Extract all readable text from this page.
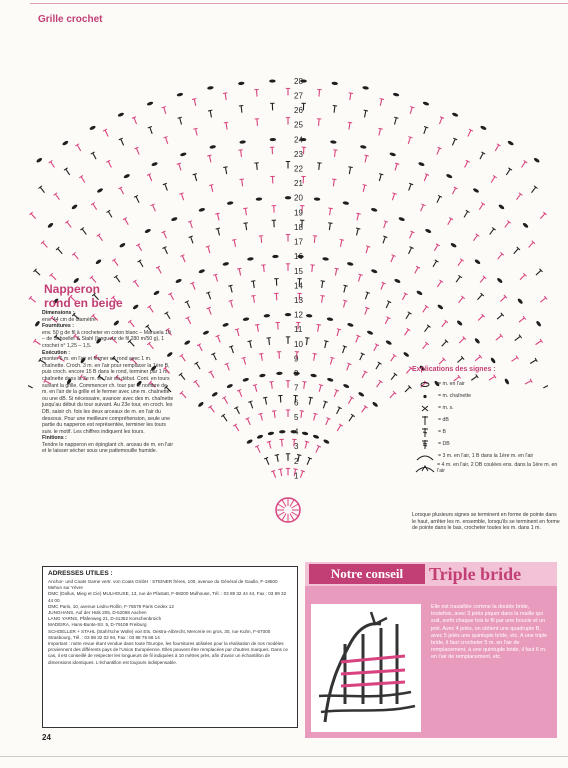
Grille crochet
1
2
3
4
5
6
7
8
9
10
11
12
13
14
15
16
17
18
19
20
21
22
23
24
25
26
27
28
Napperon
rond en beige

Dimensions :

env. 44 cm de diamètre

Fournitures :

env. 50 g de fil à crocheter en coton blanc – Manuela 10 – de Schoeller & Stahl (longueur de fil 280 m/50 g), 1 crochet n° 1,25 – 1,5.

Exécution :

monter 6 m. en l'air et fermer en rond avec 1 m. chaînette. Croch. 3 m. en l'air pour remplacer la 1ère B, puis croch. encore 15 B dans le rond, terminer par 1 m. chaînette dans la 3e m. en l'air du début. Cont. en tours suivant la grille. Commencer ch. tour par le nombre de m. en l'air de la grille et le fermer avec une m. chaînette ou une dB. Si nécessaire, avancer avec des m. chaînette jusqu'au début du tour suivant. Au 23e tour, en croch. les DB, saisir ch. fois les deux arceaux de m. en l'air du dessous. Pour une meilleure compréhension, seule une partie du napperon est représentée, terminer les tours suiv. le motif. Les chiffres indiquent les tours.

Finitions :

Tendre le napperon en épinglant ch. arceau de m. en l'air et le laisser sécher sous une pattemouille humide.

Explications des signes :
= m. en l'air
= m. chaînette
= m. s.
= dB
= B
= DB
= 3 m. en l'air, 1 B dans la 1ère m. en l'air
= 4 m. en l'air, 2 DB coulées ens. dans la 1ère m. en l'air
Lorsque plusieurs signes se terminent en forme de pointe dans le haut, arrêter les m. ensemble, lorsqu'ils se terminent en forme de pointe dans le bas, crocheter toutes les m. dans 1 m.
ADRESSES UTILES :

Anchor- und Coats Garne vertr. von Coats GmbH : STEINER frères, 100, avenue du Général de Gaulle, F-18500 Mehun sur Yèvre

DMC (Dollus, Mieg et Cie) MULHOUSE, 13, rue de Pfastatt, F-68200 Mulhouse, Tél. : 03 89 32 44 44, Fax : 03 89 32 44 00

DMC Paris, 10, avenue Ledru-Rollin, F-75579 Paris Cedex 12

JUNGHANS, Auf der Hüls 205, D-52068 Aachen

LANG YARNS, Pfäfenweg 21, D-41352 Korschenbroich

MADEIRA, Hans-Bunte-Str. 5, D-79108 Freiburg

SCHOELLER + STAHL (Stahl'sche Wolle) voir Ets. Oestra-Albrecht, Mercerie en gros, 30, rue Kuhn, F-67000 Strasbourg, Tél. : 03 88 32 02 94, Fax : 03 88 75 68 14

Important : notre revue étant vendue dans toute l'Europe, les fournitures utilisées pour la réalisation de nos modèles proviennent des différents pays de l'Union Européenne. Elles peuvent être remplacées par d'autres marques. Dans ce cas, il est conseillé de respecter les longueurs de fil indiquées à 10 mètres près, afin d'avoir un échantillon de dimensions identiques. L'échantillon est toujours indispensable.

Notre conseil	Triple bride
Elle est travaillée comme la double bride, toutefois, avec 3 jetés piquer dans la maille qui suit, sortir chaque fois le fil par une boucle et un jeté. Avec 4 jetés, on obtient une quadruple B, avec 5 jetés une quintuple bride, etc. A une triple bride, il faut crocheter 5 m. en l'air de remplacement, à une quintuple bride, il faut 6 m. en l'air de remplacement, etc.
24
